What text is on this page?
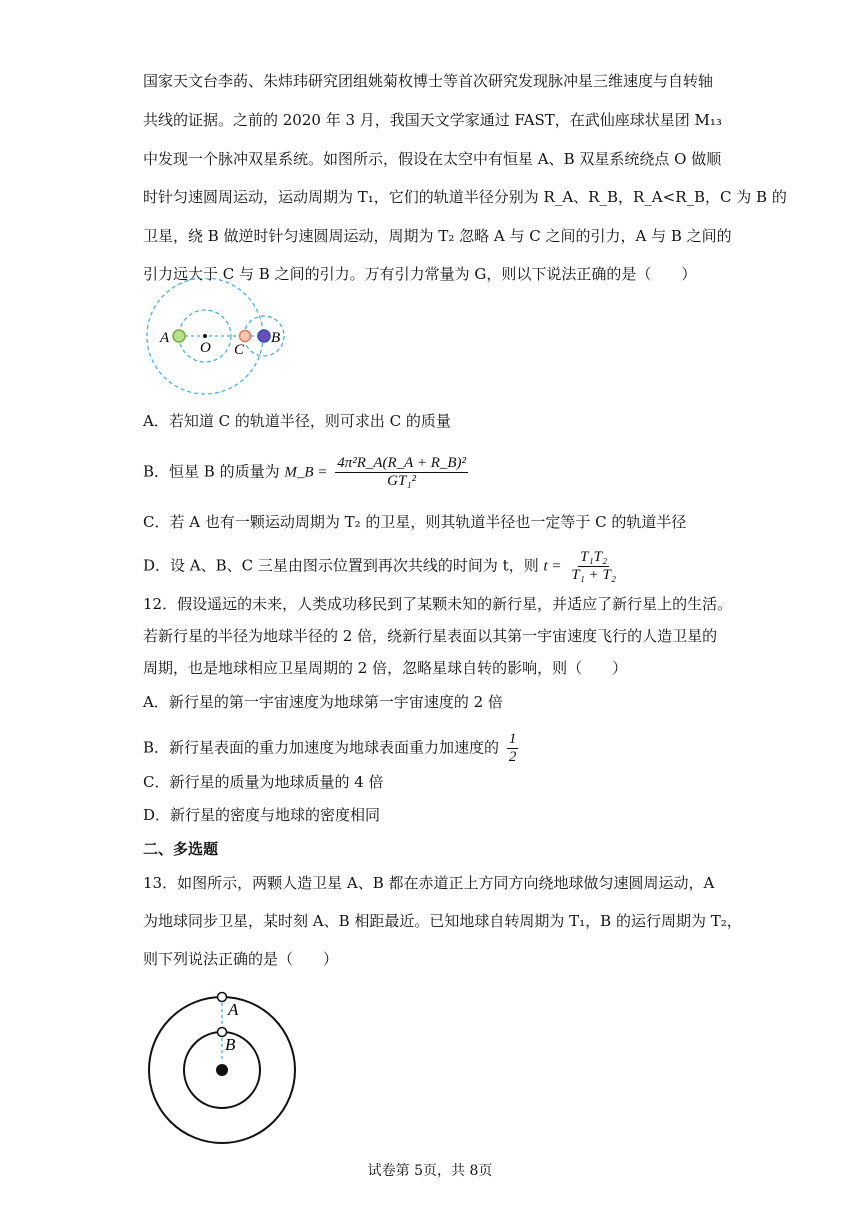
国家天文台李菂、朱炜玮研究团组姚菊枚博士等首次研究发现脉冲星三维速度与自转轴
共线的证据。之前的 2020 年 3 月，我国天文学家通过 FAST，在武仙座球状星团 M₁₃
中发现一个脉冲双星系统。如图所示，假设在太空中有恒星 A、B 双星系统绕点 O 做顺
时针匀速圆周运动，运动周期为 T₁，它们的轨道半径分别为 R_A、R_B，R_A<R_B，C 为 B 的
卫星，绕 B 做逆时针匀速圆周运动，周期为 T₂ 忽略 A 与 C 之间的引力，A 与 B 之间的
引力远大于 C 与 B 之间的引力。万有引力常量为 G，则以下说法正确的是（　　）
A
O C
B
A．若知道 C 的轨道半径，则可求出 C 的质量
B．恒星 B 的质量为 M_B = $\frac{\text{4π²R\_A(R\_A + R\_B)²}}{\text{GT₁²}}$
C．若 A 也有一颗运动周期为 T₂ 的卫星，则其轨道半径也一定等于 C 的轨道半径
D．设 A、B、C 三星由图示位置到再次共线的时间为 t，则 $t = \frac{\text{T₁T₂}}{\text{T₁ + T₂}}$
12．假设遥远的未来，人类成功移民到了某颗未知的新行星，并适应了新行星上的生活。
若新行星的半径为地球半径的 2 倍，绕新行星表面以其第一宇宙速度飞行的人造卫星的
周期，也是地球相应卫星周期的 2 倍，忽略星球自转的影响，则（　　）
A．新行星的第一宇宙速度为地球第一宇宙速度的 2 倍
B．新行星表面的重力加速度为地球表面重力加速度的 $\frac{1}{2}$
C．新行星的质量为地球质量的 4 倍
D．新行星的密度与地球的密度相同
二、多选题
13．如图所示，两颗人造卫星 A、B 都在赤道正上方同方向绕地球做匀速圆周运动，A
为地球同步卫星，某时刻 A、B 相距最近。已知地球自转周期为 T₁，B 的运行周期为 T₂，
则下列说法正确的是（　　）
A
B
试卷第 5页，共 8页
